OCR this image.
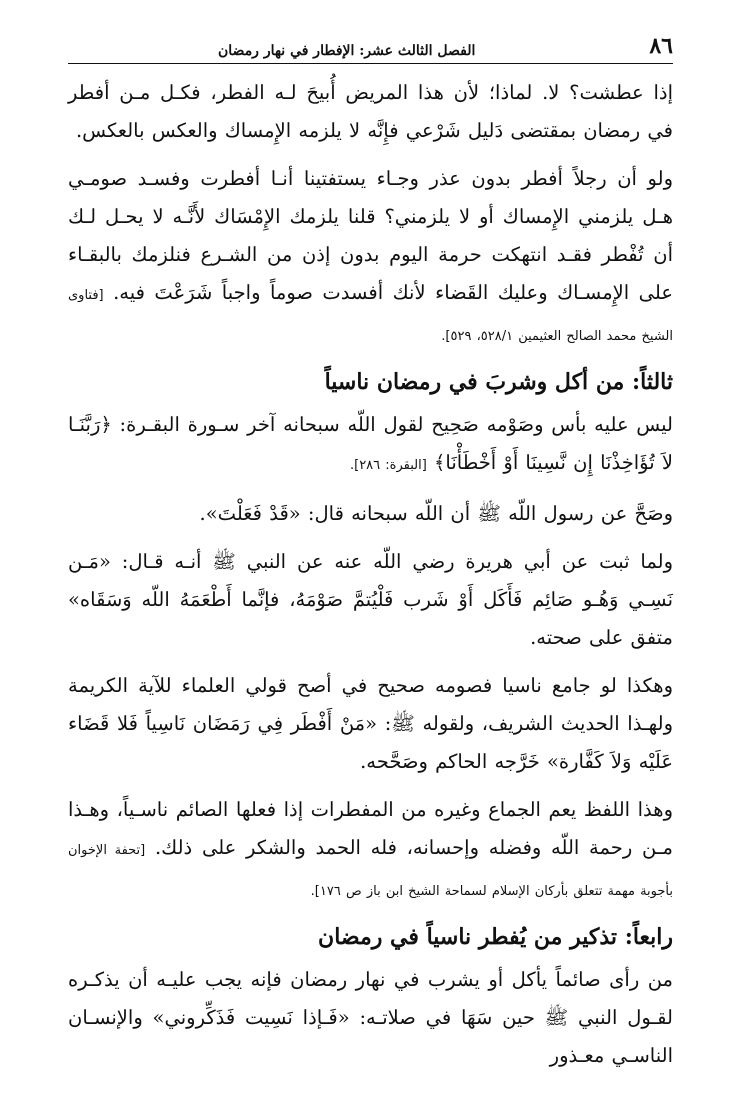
٨٦
الفصل الثالث عشر: الإفطار في نهار رمضان

إذا عطشت؟ لا. لماذا؛ لأن هذا المريض أُبيحَ لـه الفطر، فكـل مـن أفطر في رمضان بمقتضى دَليل شَرْعي فإِنَّه لا يلزمه الإِمساك والعكس بالعكس.

ولو أن رجلاً أفطر بدون عذر وجـاء يستفتينا أنـا أفطرت وفسـد صومـي هـل يلزمني الإِمساك أو لا يلزمني؟ قلنا يلزمك الإِمْسَاك لأَنَّـه لا يحـل لـك أن تُفْطر فقـد انتهكت حرمة اليوم بدون إذن من الشـرع فنلزمك بالبقـاء على الإِمسـاك وعليك القَضاء لأنك أفسدت صوماً واجباً شَرَعْتَ فيه. [فتاوى الشيخ محمد الصالح العثيمين ٥٢٨/١، ٥٢٩].

ثالثاً: من أكل وشربَ في رمضان ناسياً

ليس عليه بأس وصَوْمه صَحِيح لقول اللّه سبحانه آخر سـورة البقـرة: ﴿رَبَّنَـا لاَ تُؤَاخِذْنَا إِن نَّسِينَا أَوْ أَخْطَأْنَا﴾ [البقرة: ٢٨٦].

وصَحَّ عن رسول اللّه ﷺ أن اللّه سبحانه قال: «قَدْ فَعَلْتَ».

ولما ثبت عن أبي هريرة رضي اللّه عنه عن النبي ﷺ أنـه قـال: «مَـن نَسِـي وَهُـو صَائِم فَأَكَل أَوْ شَرب فَلْيُتمَّ صَوْمَهُ، فإنَّما أَطْعَمَهُ اللّه وَسَقَاه» متفق على صحته.

وهكذا لو جامع ناسيا فصومه صحيح في أصح قولي العلماء للآية الكريمة ولهـذا الحديث الشريف، ولقوله ﷺ: «مَنْ أَفْطَر فِي رَمَضَان نَاسِياً فَلا قَضَاء عَلَيْه وَلاَ كَفَّارة» خَرَّجه الحاكم وصَحَّحه.

وهذا اللفظ يعم الجماع وغيره من المفطرات إذا فعلها الصائم ناسـياً، وهـذا مـن رحمة اللّه وفضله وإحسانه، فله الحمد والشكر على ذلك. [تحفة الإخوان بأجوبة مهمة تتعلق بأركان الإسلام لسماحة الشيخ ابن باز ص ١٧٦].

رابعاً: تذكير من يُفطر ناسياً في رمضان

من رأى صائماً يأكل أو يشرب في نهار رمضان فإنه يجب عليـه أن يذكـره لقـول النبي ﷺ حين سَهَا في صلاتـه: «فَـإذا نَسِيت فَذَكِّروني» والإنسـان الناسـي معـذور
